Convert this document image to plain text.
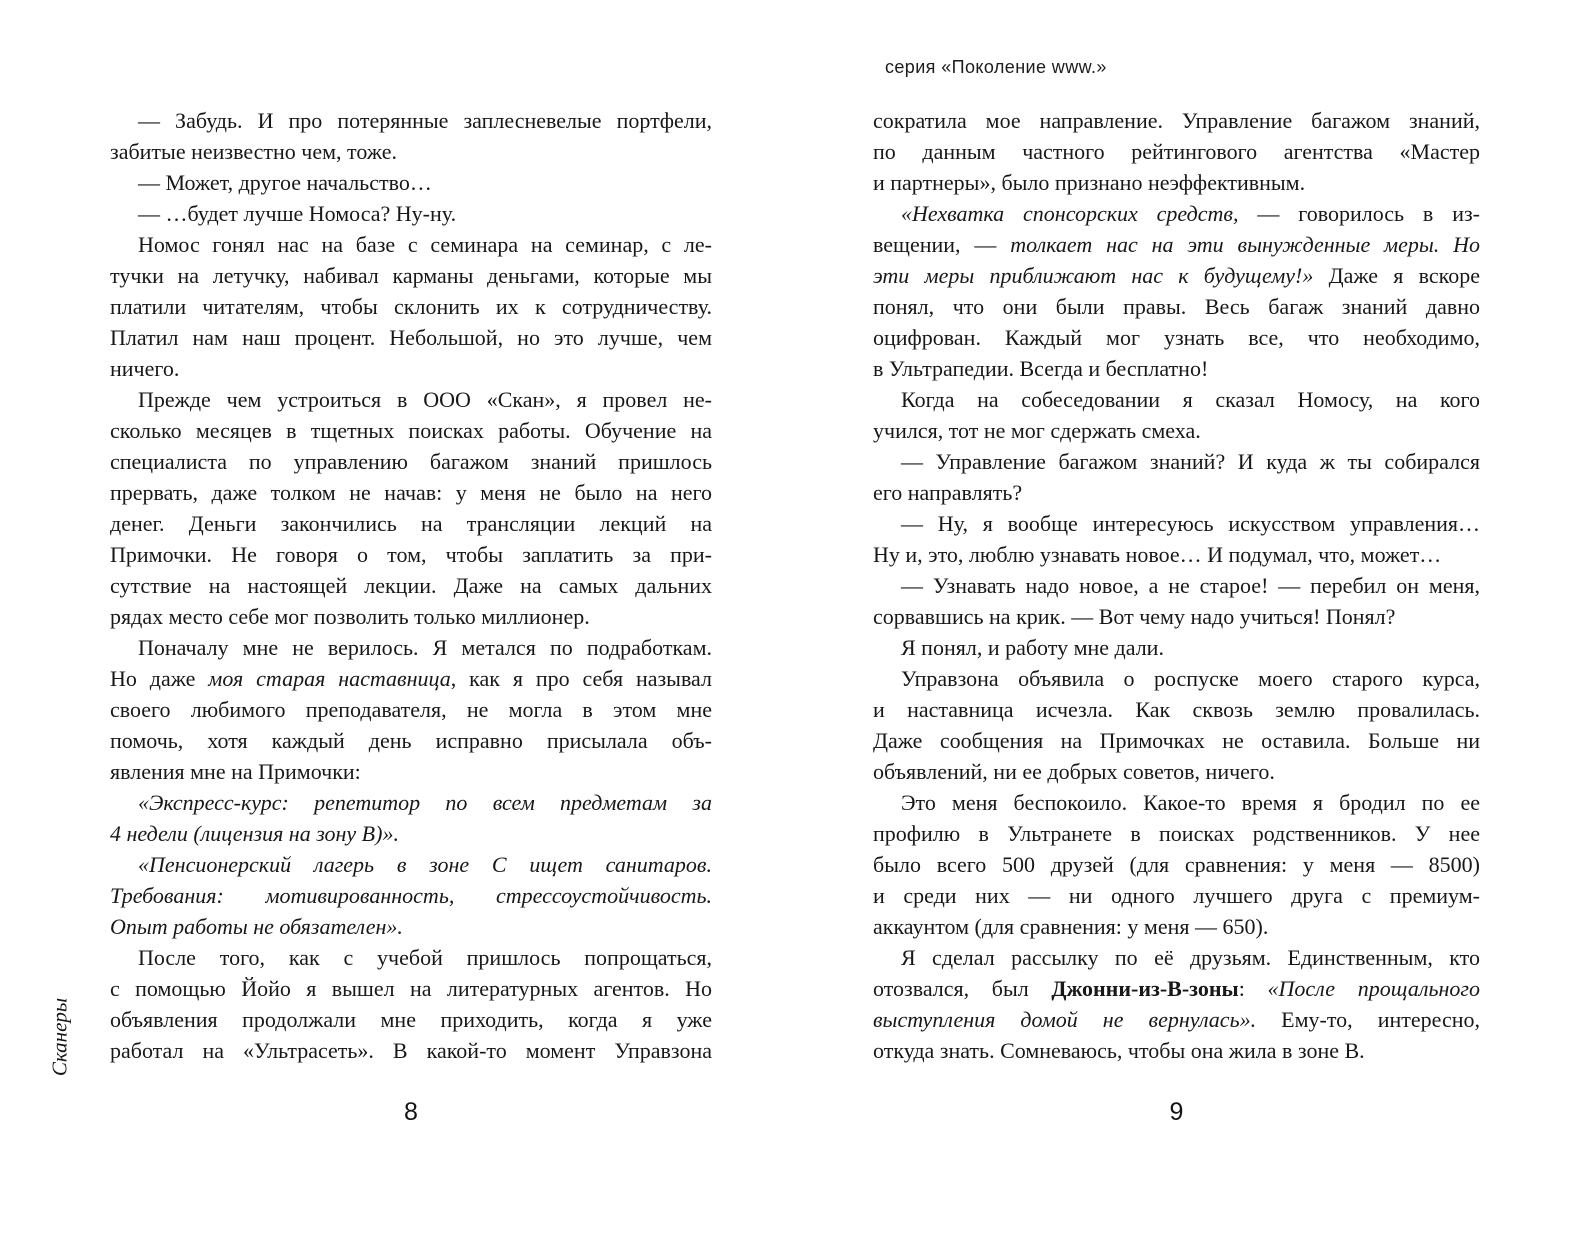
серия «Поколение www.»
Сканеры
— Забудь. И про потерянные заплесневелые портфели,
забитые неизвестно чем, тоже.
— Может, другое начальство…
— …будет лучше Номоса? Ну-ну.
Номос гонял нас на базе с семинара на семинар, с ле-
тучки на летучку, набивал карманы деньгами, которые мы
платили читателям, чтобы склонить их к сотрудничеству.
Платил нам наш процент. Небольшой, но это лучше, чем
ничего.
Прежде чем устроиться в ООО «Скан», я провел не-
сколько месяцев в тщетных поисках работы. Обучение на
специалиста по управлению багажом знаний пришлось
прервать, даже толком не начав: у меня не было на него
денег. Деньги закончились на трансляции лекций на
Примочки. Не говоря о том, чтобы заплатить за при-
сутствие на настоящей лекции. Даже на самых дальних
рядах место себе мог позволить только миллионер.
Поначалу мне не верилось. Я метался по подработкам.
Но даже моя старая наставница, как я про себя называл
своего любимого преподавателя, не могла в этом мне
помочь, хотя каждый день исправно присылала объ-
явления мне на Примочки:
«Экспресс-курс: репетитор по всем предметам за
4 недели (лицензия на зону В)».
«Пенсионерский лагерь в зоне С ищет санитаров.
Требования: мотивированность, стрессоустойчивость.
Опыт работы не обязателен».
После того, как с учебой пришлось попрощаться,
с помощью Йойо я вышел на литературных агентов. Но
объявления продолжали мне приходить, когда я уже
работал на «Ультрасеть». В какой-то момент Управзона
сократила мое направление. Управление багажом знаний,
по данным частного рейтингового агентства «Мастер
и партнеры», было признано неэффективным.
«Нехватка спонсорских средств, — говорилось в из-
вещении, — толкает нас на эти вынужденные меры. Но
эти меры приближают нас к будущему!» Даже я вскоре
понял, что они были правы. Весь багаж знаний давно
оцифрован. Каждый мог узнать все, что необходимо,
в Ультрапедии. Всегда и бесплатно!
Когда на собеседовании я сказал Номосу, на кого
учился, тот не мог сдержать смеха.
— Управление багажом знаний? И куда ж ты собирался
его направлять?
— Ну, я вообще интересуюсь искусством управления…
Ну и, это, люблю узнавать новое… И подумал, что, может…
— Узнавать надо новое, а не старое! — перебил он меня,
сорвавшись на крик. — Вот чему надо учиться! Понял?
Я понял, и работу мне дали.
Управзона объявила о роспуске моего старого курса,
и наставница исчезла. Как сквозь землю провалилась.
Даже сообщения на Примочках не оставила. Больше ни
объявлений, ни ее добрых советов, ничего.
Это меня беспокоило. Какое-то время я бродил по ее
профилю в Ультранете в поисках родственников. У нее
было всего 500 друзей (для сравнения: у меня — 8500)
и среди них — ни одного лучшего друга с премиум-
аккаунтом (для сравнения: у меня — 650).
Я сделал рассылку по её друзьям. Единственным, кто
отозвался, был Джонни-из-В-зоны: «После прощального
выступления домой не вернулась». Ему-то, интересно,
откуда знать. Сомневаюсь, чтобы она жила в зоне В.
8	9
